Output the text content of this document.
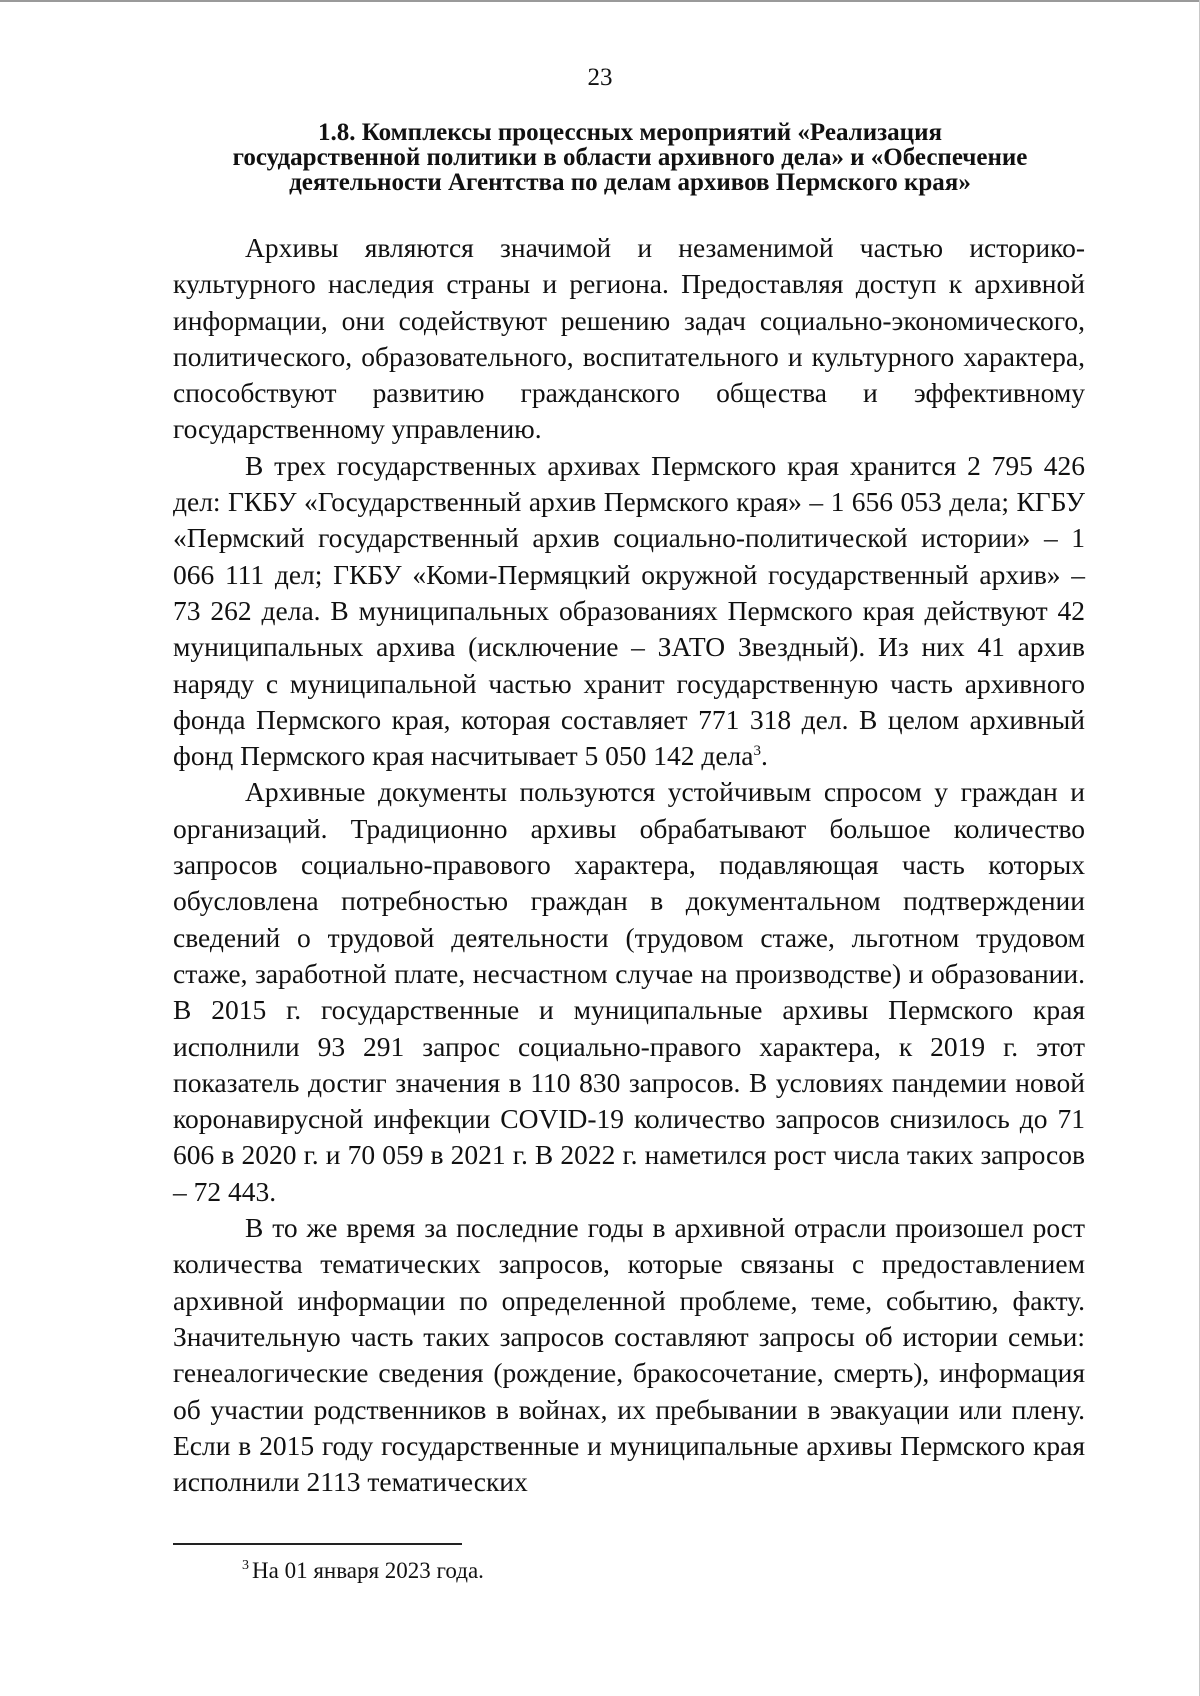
23
1.8. Комплексы процессных мероприятий «Реализация
государственной политики в области архивного дела» и «Обеспечение
деятельности Агентства по делам архивов Пермского края»

Архивы являются значимой и незаменимой частью историко-культурного наследия страны и региона. Предоставляя доступ к архивной информации, они содействуют решению задач социально-экономического, политического, образовательного, воспитательного и культурного характера, способствуют развитию гражданского общества и эффективному государственному управлению.

В трех государственных архивах Пермского края хранится 2 795 426 дел: ГКБУ «Государственный архив Пермского края» – 1 656 053 дела; КГБУ «Пермский государственный архив социально-политической истории» – 1 066 111 дел; ГКБУ «Коми-Пермяцкий окружной государственный архив» – 73 262 дела. В муниципальных образованиях Пермского края действуют 42 муниципальных архива (исключение – ЗАТО Звездный). Из них 41 архив наряду с муниципальной частью хранит государственную часть архивного фонда Пермского края, которая составляет 771 318 дел. В целом архивный фонд Пермского края насчитывает 5 050 142 дела$^3$.

Архивные документы пользуются устойчивым спросом у граждан и организаций. Традиционно архивы обрабатывают большое количество запросов социально-правового характера, подавляющая часть которых обусловлена потребностью граждан в документальном подтверждении сведений о трудовой деятельности (трудовом стаже, льготном трудовом стаже, заработной плате, несчастном случае на производстве) и образовании. В 2015 г. государственные и муниципальные архивы Пермского края исполнили 93 291 запрос социально-правого характера, к 2019 г. этот показатель достиг значения в 110 830 запросов. В условиях пандемии новой коронавирусной инфекции COVID-19 количество запросов снизилось до 71 606 в 2020 г. и 70 059 в 2021 г. В 2022 г. наметился рост числа таких запросов – 72 443.

В то же время за последние годы в архивной отрасли произошел рост количества тематических запросов, которые связаны с предоставлением архивной информации по определенной проблеме, теме, событию, факту. Значительную часть таких запросов составляют запросы об истории семьи: генеалогические сведения (рождение, бракосочетание, смерть), информация об участии родственников в войнах, их пребывании в эвакуации или плену. Если в 2015 году государственные и муниципальные архивы Пермского края исполнили 2113 тематических

$^3$ На 01 января 2023 года.
